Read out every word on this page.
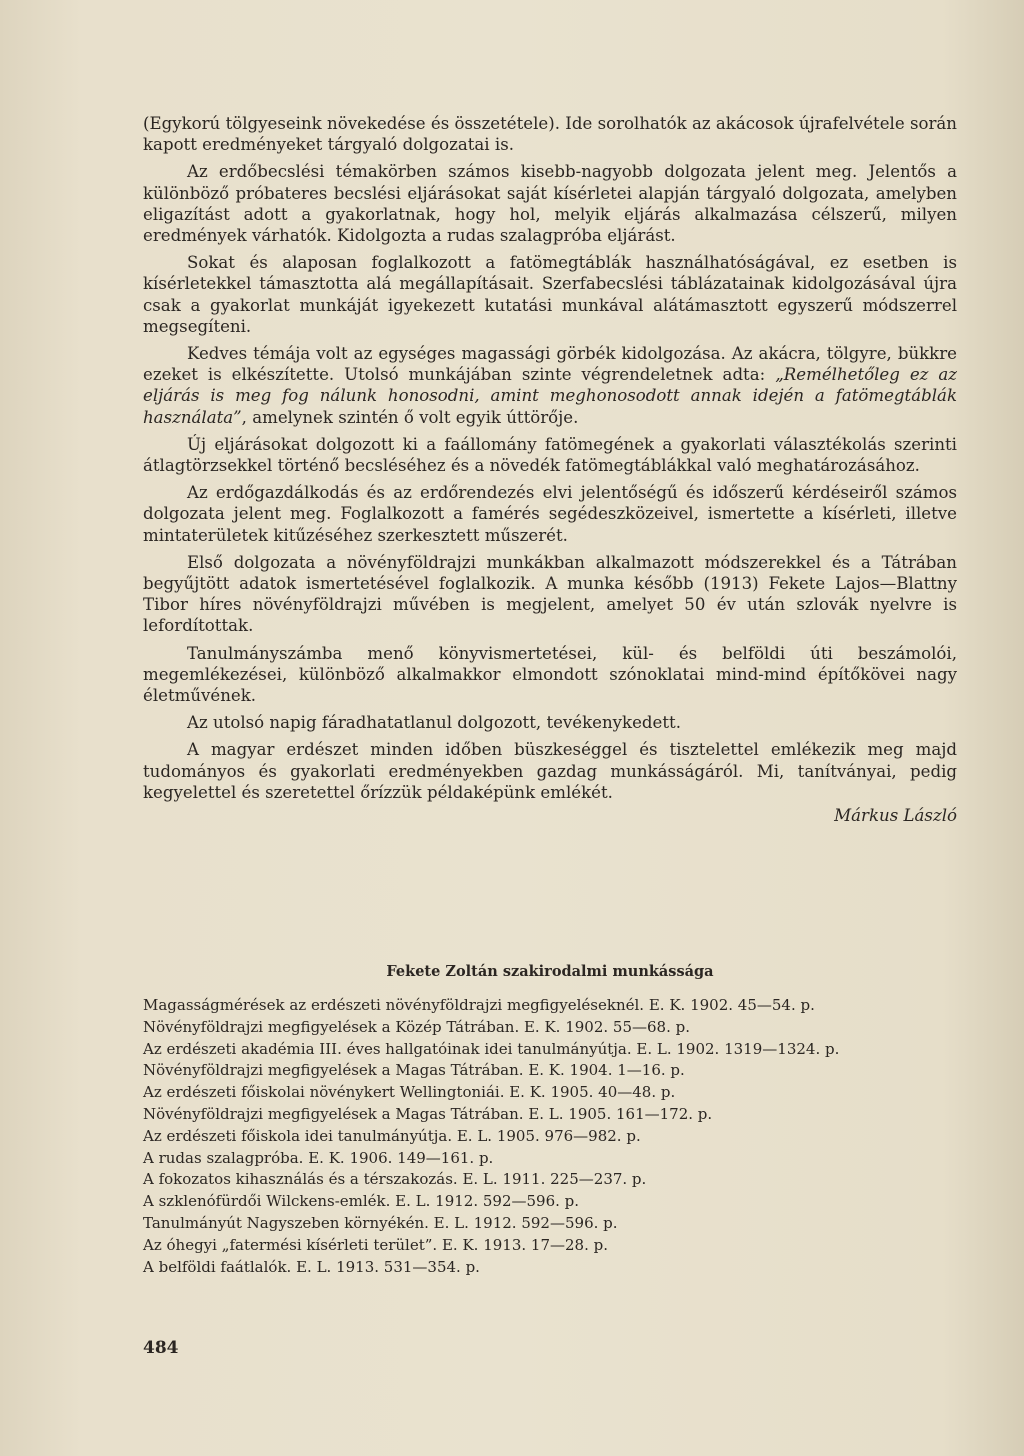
(Egykorú tölgyeseink növekedése és összetétele). Ide sorolhatók az akácosok újrafelvétele során kapott eredményeket tárgyaló dolgozatai is.

Az erdőbecslési témakörben számos kisebb-nagyobb dolgozata jelent meg. Jelentős a különböző próbateres becslési eljárásokat saját kísérletei alapján tárgyaló dolgozata, amelyben eligazítást adott a gyakorlatnak, hogy hol, melyik eljárás alkalmazása célszerű, milyen eredmények várhatók. Kidolgozta a rudas szalagpróba eljárást.

Sokat és alaposan foglalkozott a fatömegtáblák használhatóságával, ez esetben is kísérletekkel támasztotta alá megállapításait. Szerfabecslési táblázatainak kidolgozásával újra csak a gyakorlat munkáját igyekezett kutatási munkával alátámasztott egyszerű módszerrel megsegíteni.

Kedves témája volt az egységes magassági görbék kidolgozása. Az akácra, tölgyre, bükkre ezeket is elkészítette. Utolsó munkájában szinte végrendeletnek adta: „Remélhetőleg ez az eljárás is meg fog nálunk honosodni, amint meghonosodott annak idején a fatömegtáblák használata”, amelynek szintén ő volt egyik úttörője.

Új eljárásokat dolgozott ki a faállomány fatömegének a gyakorlati választékolás szerinti átlagtörzsekkel történő becsléséhez és a növedék fatömegtáblákkal való meghatározásához.

Az erdőgazdálkodás és az erdőrendezés elvi jelentőségű és időszerű kérdéseiről számos dolgozata jelent meg. Foglalkozott a famérés segédeszközeivel, ismertette a kísérleti, illetve mintaterületek kitűzéséhez szerkesztett műszerét.

Első dolgozata a növényföldrajzi munkákban alkalmazott módszerekkel és a Tátrában begyűjtött adatok ismertetésével foglalkozik. A munka később (1913) Fekete Lajos—Blattny Tibor híres növényföldrajzi művében is megjelent, amelyet 50 év után szlovák nyelvre is lefordítottak.

Tanulmányszámba menő könyvismertetései, kül- és belföldi úti beszámolói, megemlékezései, különböző alkalmakkor elmondott szónoklatai mind-mind építőkövei nagy életművének.

Az utolsó napig fáradhatatlanul dolgozott, tevékenykedett.

A magyar erdészet minden időben büszkeséggel és tisztelettel emlékezik meg majd tudományos és gyakorlati eredményekben gazdag munkásságáról. Mi, tanítványai, pedig kegyelettel és szeretettel őrízzük példaképünk emlékét.

Márkus László
Fekete Zoltán szakirodalmi munkássága
Magasságmérések az erdészeti növényföldrajzi megfigyeléseknél. E. K. 1902. 45—54. p.
Növényföldrajzi megfigyelések a Közép Tátrában. E. K. 1902. 55—68. p.
Az erdészeti akadémia III. éves hallgatóinak idei tanulmányútja. E. L. 1902. 1319—1324. p.
Növényföldrajzi megfigyelések a Magas Tátrában. E. K. 1904. 1—16. p.
Az erdészeti főiskolai növénykert Wellingtoniái. E. K. 1905. 40—48. p.
Növényföldrajzi megfigyelések a Magas Tátrában. E. L. 1905. 161—172. p.
Az erdészeti főiskola idei tanulmányútja. E. L. 1905. 976—982. p.
A rudas szalagpróba. E. K. 1906. 149—161. p.
A fokozatos kihasználás és a térszakozás. E. L. 1911. 225—237. p.
A szklenófürdői Wilckens-emlék. E. L. 1912. 592—596. p.
Tanulmányút Nagyszeben környékén. E. L. 1912. 592—596. p.
Az óhegyi „fatermési kísérleti terület”. E. K. 1913. 17—28. p.
A belföldi faátlalók. E. L. 1913. 531—354. p.
484
